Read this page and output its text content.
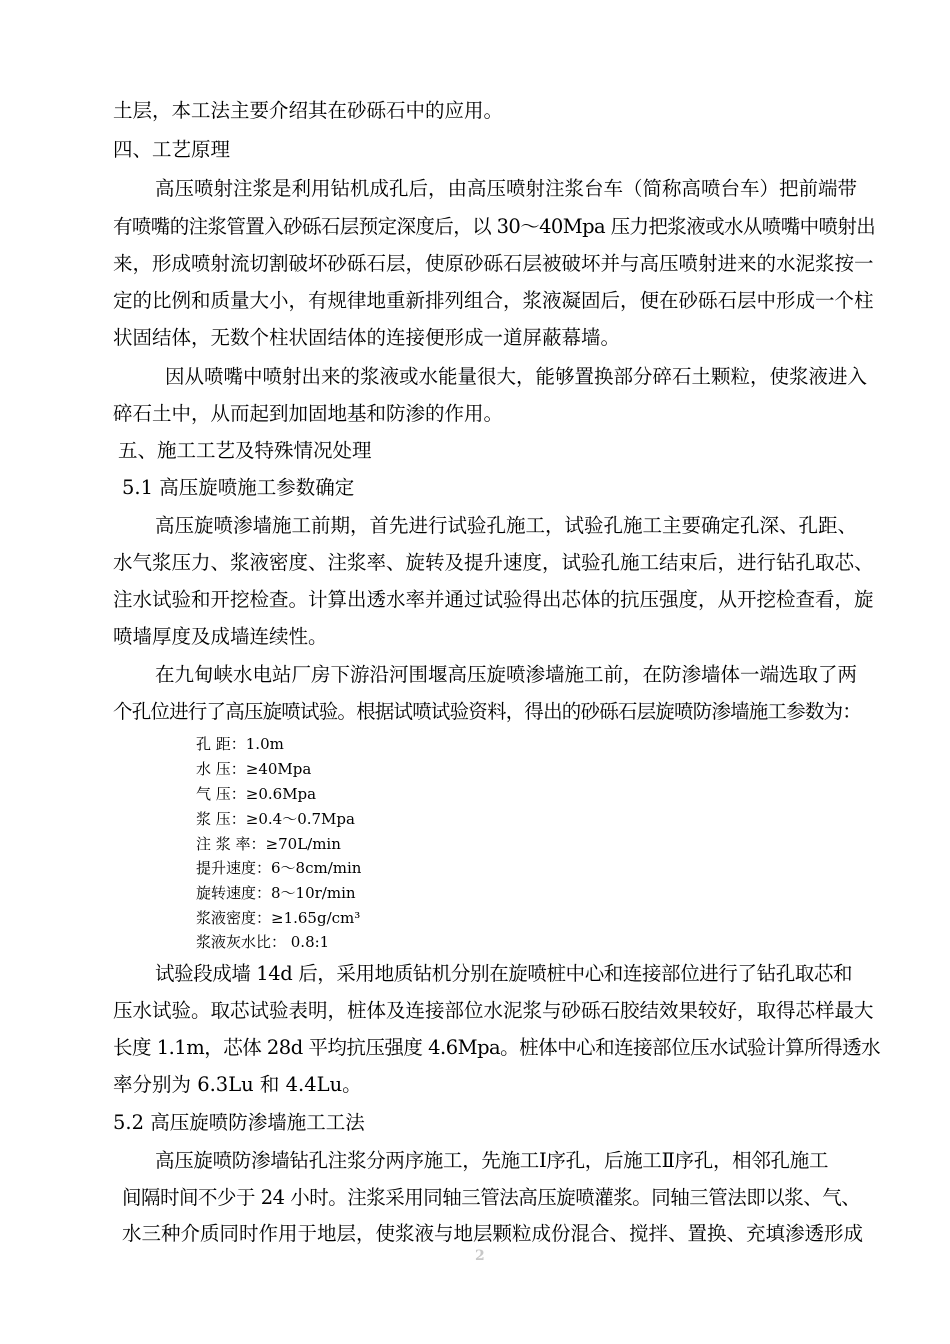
土层，本工法主要介绍其在砂砾石中的应用。
四、工艺原理
高压喷射注浆是利用钻机成孔后，由高压喷射注浆台车（简称高喷台车）把前端带
有喷嘴的注浆管置入砂砾石层预定深度后，以 30～40Mpa 压力把浆液或水从喷嘴中喷射出
来，形成喷射流切割破坏砂砾石层，使原砂砾石层被破坏并与高压喷射进来的水泥浆按一
定的比例和质量大小，有规律地重新排列组合，浆液凝固后，便在砂砾石层中形成一个柱
状固结体，无数个柱状固结体的连接便形成一道屏蔽幕墙。
因从喷嘴中喷射出来的浆液或水能量很大，能够置换部分碎石土颗粒，使浆液进入
碎石土中，从而起到加固地基和防渗的作用。
五、施工工艺及特殊情况处理
5.1 高压旋喷施工参数确定
高压旋喷渗墙施工前期，首先进行试验孔施工，试验孔施工主要确定孔深、孔距、
水气浆压力、浆液密度、注浆率、旋转及提升速度，试验孔施工结束后，进行钻孔取芯、
注水试验和开挖检查。计算出透水率并通过试验得出芯体的抗压强度，从开挖检查看，旋
喷墙厚度及成墙连续性。
在九甸峡水电站厂房下游沿河围堰高压旋喷渗墙施工前，在防渗墙体一端选取了两
个孔位进行了高压旋喷试验。根据试喷试验资料，得出的砂砾石层旋喷防渗墙施工参数为：
孔 距：1.0m
水 压：≥40Mpa
气 压：≥0.6Mpa
浆 压：≥0.4～0.7Mpa
注 浆 率：≥70L/min
提升速度：6～8cm/min
旋转速度：8～10r/min
浆液密度：≥1.65g/cm³
浆液灰水比： 0.8:1
试验段成墙 14d 后，采用地质钻机分别在旋喷桩中心和连接部位进行了钻孔取芯和
压水试验。取芯试验表明，桩体及连接部位水泥浆与砂砾石胶结效果较好，取得芯样最大
长度 1.1m，芯体 28d 平均抗压强度 4.6Mpa。桩体中心和连接部位压水试验计算所得透水
率分别为 6.3Lu 和 4.4Lu。
5.2 高压旋喷防渗墙施工工法
高压旋喷防渗墙钻孔注浆分两序施工，先施工Ⅰ序孔，后施工Ⅱ序孔，相邻孔施工
间隔时间不少于 24 小时。注浆采用同轴三管法高压旋喷灌浆。同轴三管法即以浆、气、
水三种介质同时作用于地层，使浆液与地层颗粒成份混合、搅拌、置换、充填渗透形成
2
